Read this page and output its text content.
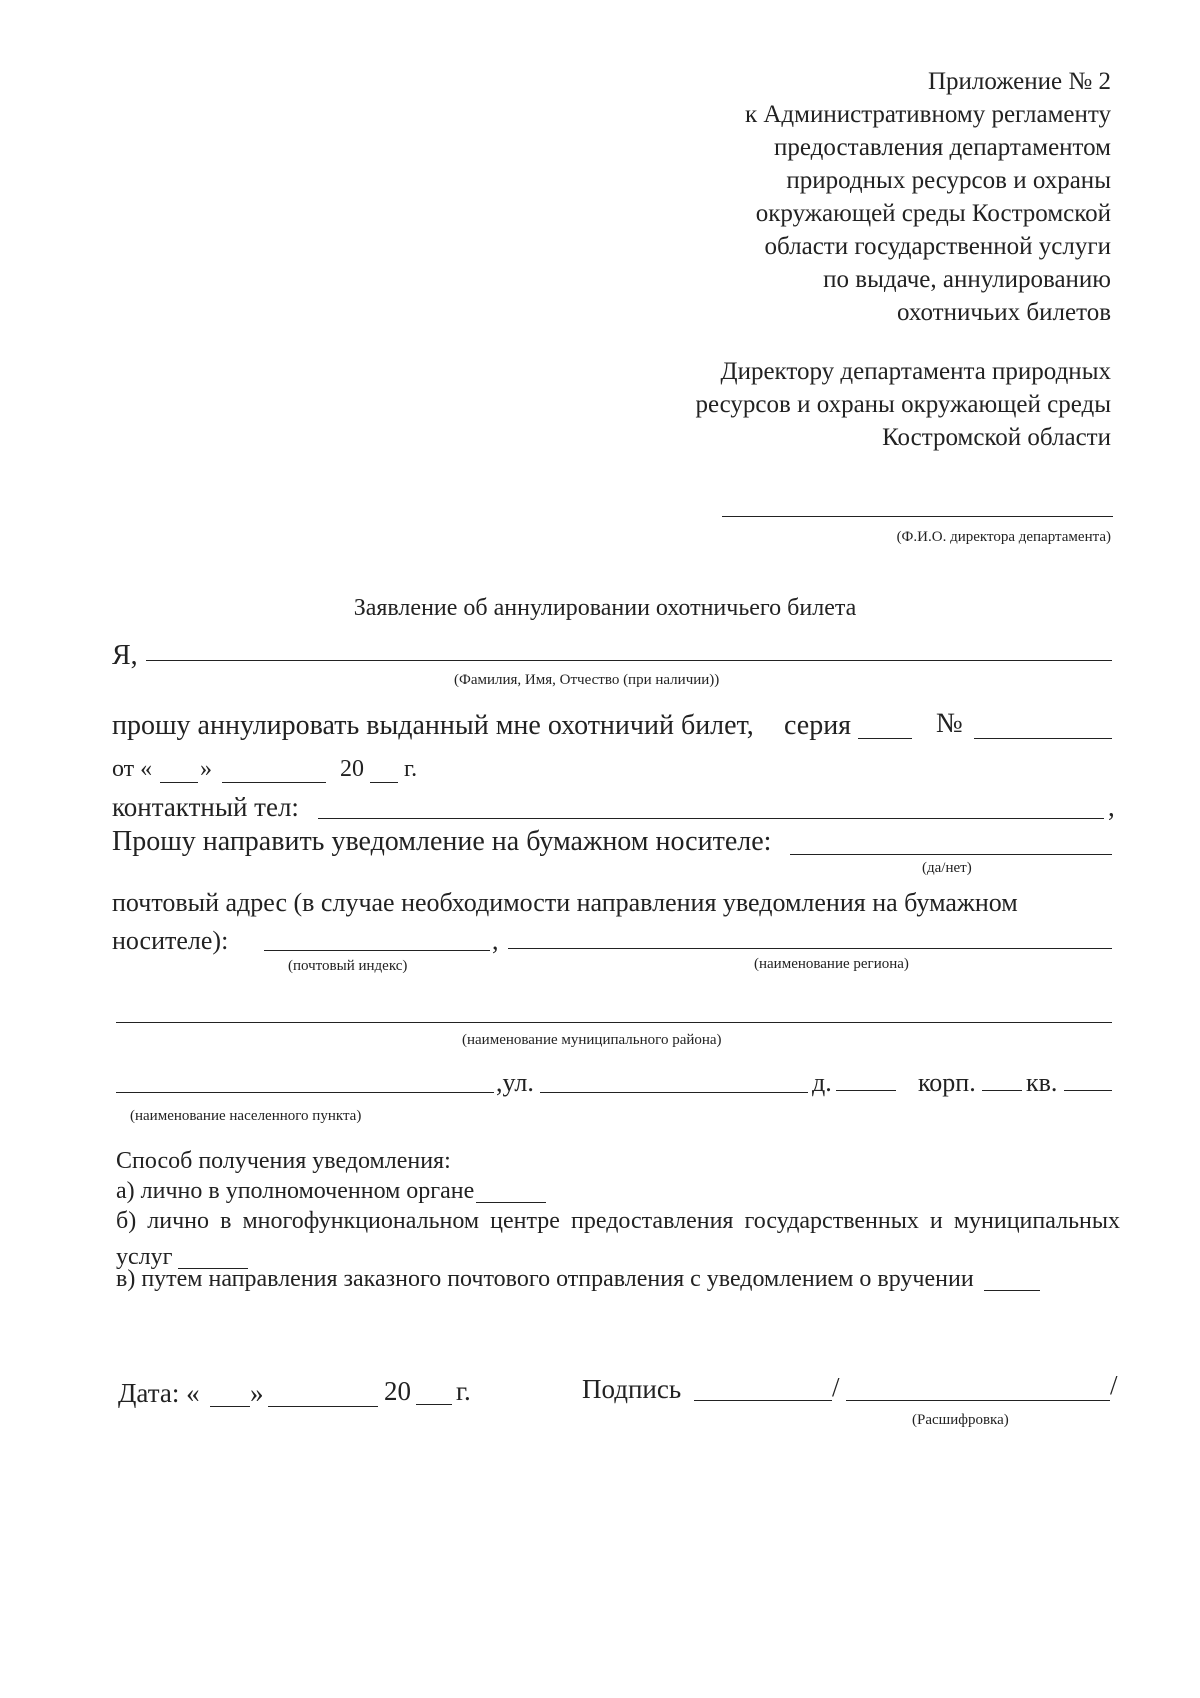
Приложение № 2
к Административному регламенту
предоставления департаментом
природных ресурсов и охраны
окружающей среды Костромской
области государственной услуги
по выдаче, аннулированию
охотничьих билетов
Директору департамента природных
ресурсов и охраны окружающей среды
Костромской области
(Ф.И.О. директора департамента)
Заявление об аннулировании охотничьего билета
Я,
(Фамилия, Имя, Отчество (при наличии))
прошу аннулировать выданный мне охотничий билет, серия	№
от « »	20 г.
контактный тел:	,
Прошу направить уведомление на бумажном носителе:
(да/нет)
почтовый адрес (в случае необходимости направления уведомления на бумажном
носителе):	,
(почтовый индекс)	(наименование региона)
(наименование муниципального района)
,ул.	д.	корп. кв.
(наименование населенного пункта)
Способ получения уведомления:
а) лично в уполномоченном органе
б) лично в многофункциональном центре предоставления государственных и муниципальных
услуг
в) путем направления заказного почтового отправления с уведомлением о вручении
Дата: « »	20 г.	Подпись	/	/
(Расшифровка)
